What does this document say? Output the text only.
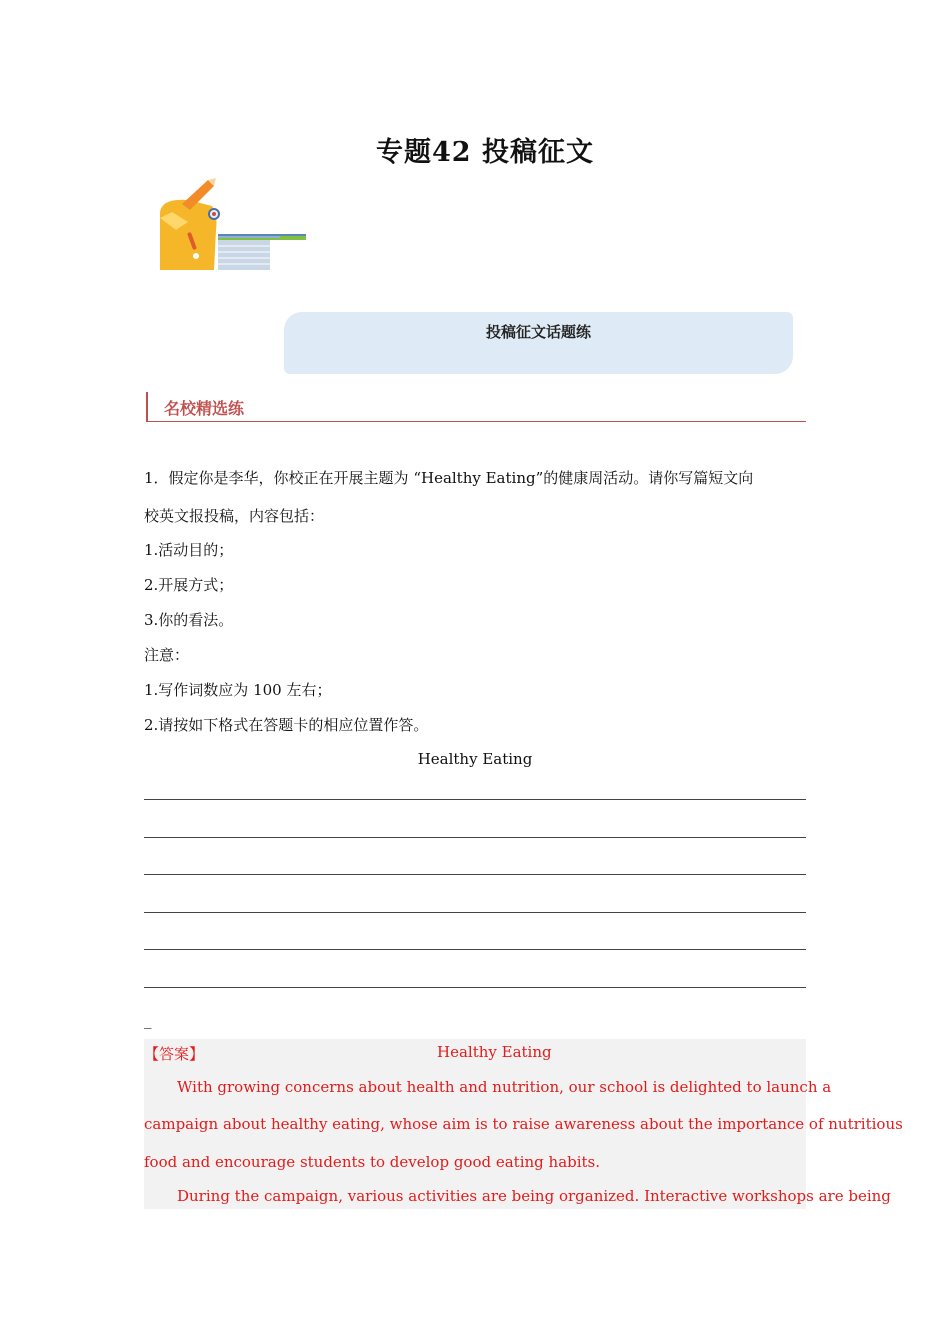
专题42 投稿征文
投稿征文话题练
名校精选练
1．假定你是李华，你校正在开展主题为 “Healthy Eating”的健康周活动。请你写篇短文向
校英文报投稿，内容包括：
1.活动目的；
2.开展方式；
3.你的看法。
注意：
1.写作词数应为 100 左右；
2.请按如下格式在答题卡的相应位置作答。
Healthy Eating
_
【答案】	Healthy Eating
With growing concerns about health and nutrition, our school is delighted to launch a
campaign about healthy eating, whose aim is to raise awareness about the importance of nutritious
food and encourage students to develop good eating habits.
During the campaign, various activities are being organized. Interactive workshops are being
